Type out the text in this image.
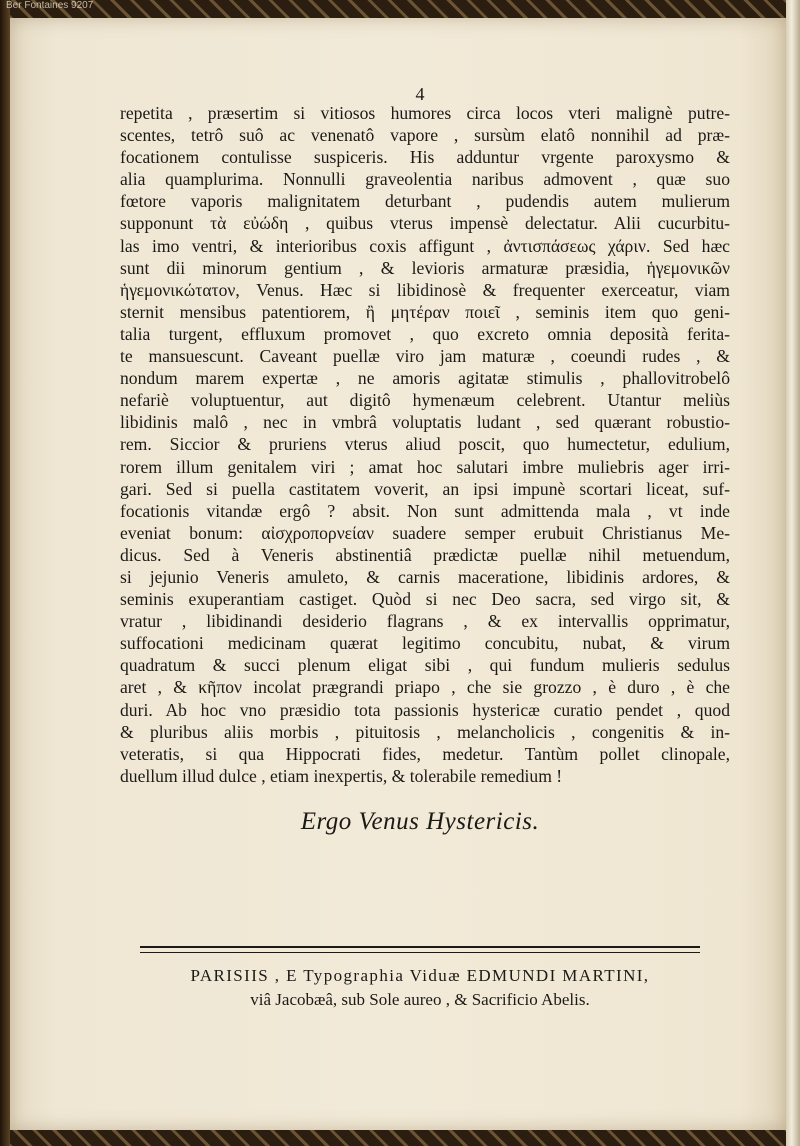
Ber Fontaines 9207
4
repetita , præsertim si vitiosos humores circa locos vteri malignè putre-
scentes, tetrô suô ac venenatô vapore , sursùm elatô nonnihil ad præ-
focationem contulisse suspiceris. His adduntur vrgente paroxysmo &
alia quamplurima. Nonnulli graveolentia naribus admovent , quæ suo
fœtore vaporis malignitatem deturbant , pudendis autem mulierum
supponunt τὰ εὐώδη , quibus vterus impensè delectatur. Alii cucurbitu-
las imo ventri, & interioribus coxis affigunt , ἀντισπάσεως χάριν. Sed hæc
sunt dii minorum gentium , & levioris armaturæ præsidia, ἡγεμονικῶν
ἡγεμονικώτατον, Venus. Hæc si libidinosè & frequenter exerceatur, viam
sternit mensibus patentiorem, ἢ μητέραν ποιεῖ , seminis item quo geni-
talia turgent, effluxum promovet , quo excreto omnia deposità ferita-
te mansuescunt. Caveant puellæ viro jam maturæ , coeundi rudes , &
nondum marem expertæ , ne amoris agitatæ stimulis , phallovitrobelô
nefariè voluptuentur, aut digitô hymenæum celebrent. Utantur meliùs
libidinis malô , nec in vmbrâ voluptatis ludant , sed quærant robustio-
rem. Siccior & pruriens vterus aliud poscit, quo humectetur, edulium,
rorem illum genitalem viri ; amat hoc salutari imbre muliebris ager irri-
gari. Sed si puella castitatem voverit, an ipsi impunè scortari liceat, suf-
focationis vitandæ ergô ? absit. Non sunt admittenda mala , vt inde
eveniat bonum: αἰσχροπορνείαν suadere semper erubuit Christianus Me-
dicus. Sed à Veneris abstinentiâ prædictæ puellæ nihil metuendum,
si jejunio Veneris amuleto, & carnis maceratione, libidinis ardores, &
seminis exuperantiam castiget. Quòd si nec Deo sacra, sed virgo sit, &
vratur , libidinandi desiderio flagrans , & ex intervallis opprimatur,
suffocationi medicinam quærat legitimo concubitu, nubat, & virum
quadratum & succi plenum eligat sibi , qui fundum mulieris sedulus
aret , & κῆπον incolat prægrandi priapo , che sie grozzo , è duro , è che
duri. Ab hoc vno præsidio tota passionis hystericæ curatio pendet , quod
& pluribus aliis morbis , pituitosis , melancholicis , congenitis & in-
veteratis, si qua Hippocrati fides, medetur. Tantùm pollet clinopale,
duellum illud dulce , etiam inexpertis, & tolerabile remedium !
Ergo Venus Hystericis.
PARISIIS , E Typographia Viduæ EDMUNDI MARTINI,
viâ Jacobæâ, sub Sole aureo , & Sacrificio Abelis.
